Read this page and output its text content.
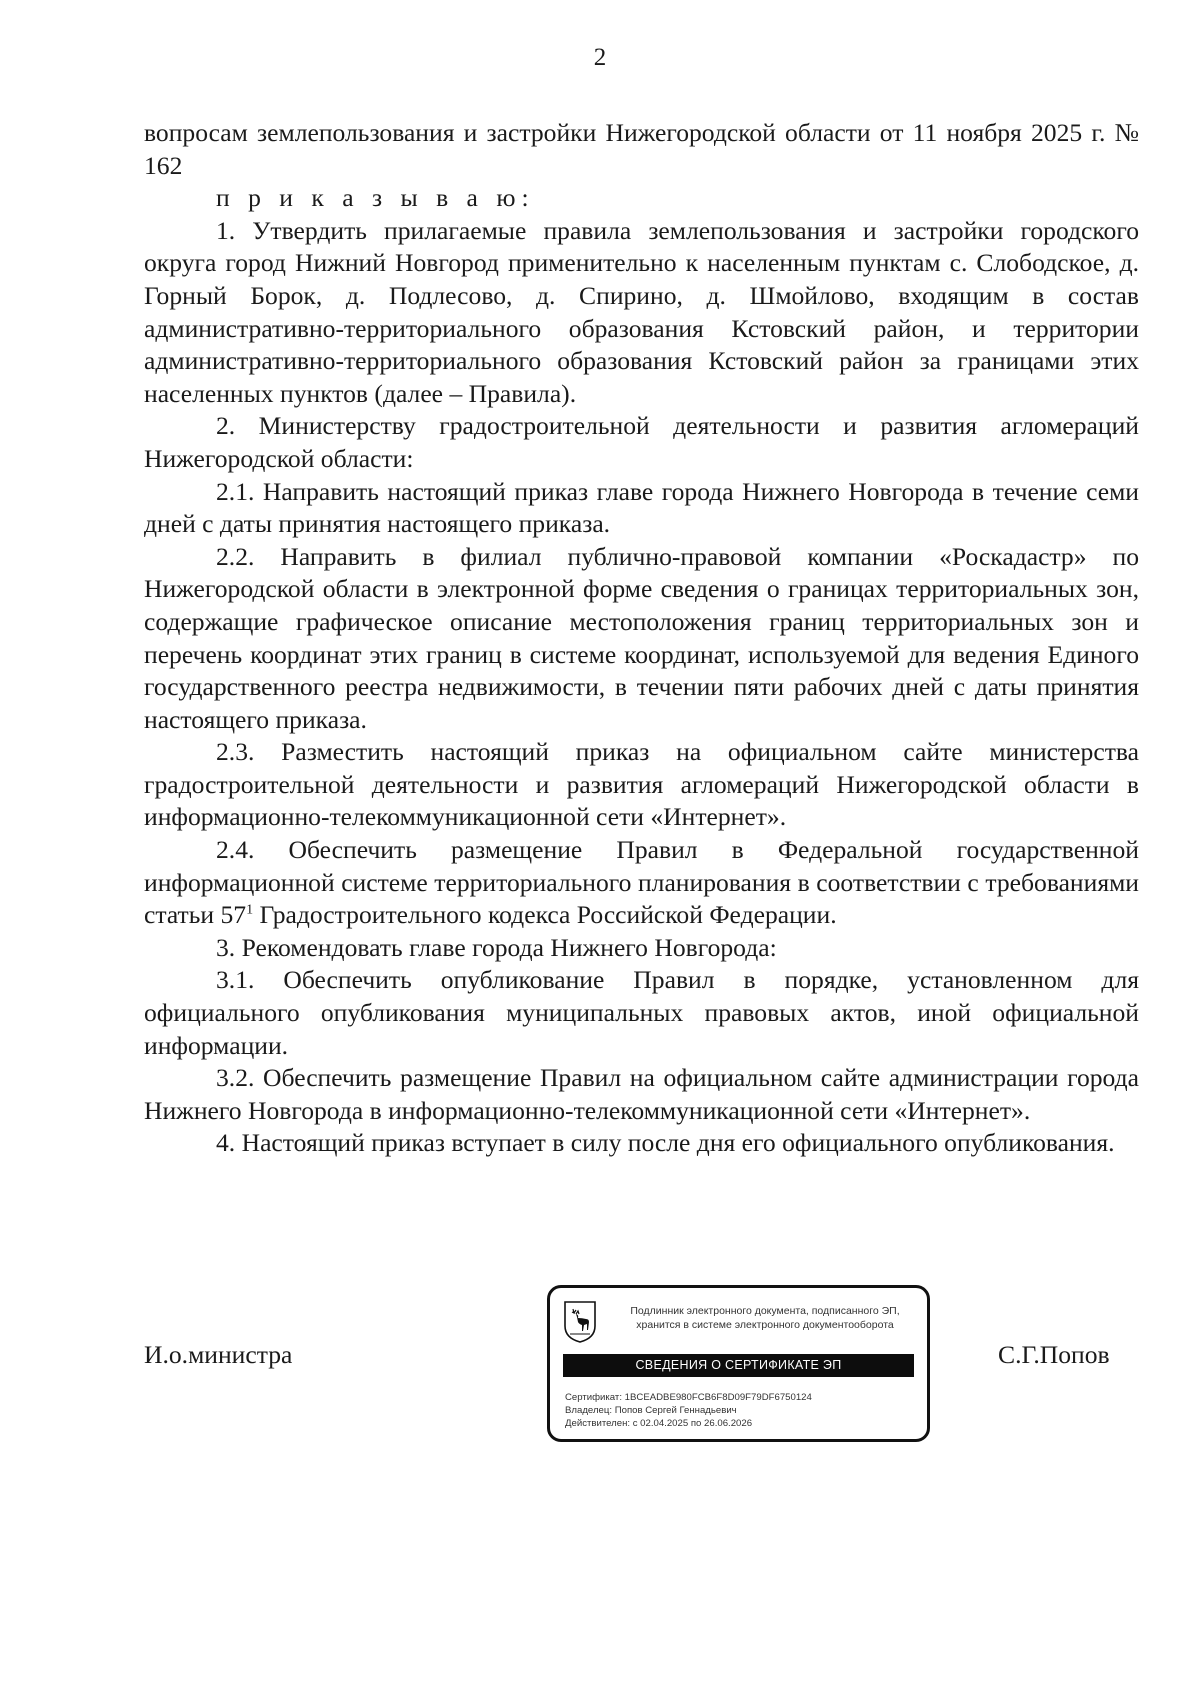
2

вопросам землепользования и застройки Нижегородской области от 11 ноября 2025 г. № 162

п р и к а з ы в а ю:

1. Утвердить прилагаемые правила землепользования и застройки городского округа город Нижний Новгород применительно к населенным пунктам с. Слободское, д. Горный Борок, д. Подлесово, д. Спирино, д. Шмойлово, входящим в состав административно-территориального образования Кстовский район, и территории административно-территориального образования Кстовский район за границами этих населенных пунктов (далее – Правила).

2. Министерству градостроительной деятельности и развития агломераций Нижегородской области:

2.1. Направить настоящий приказ главе города Нижнего Новгорода в течение семи дней с даты принятия настоящего приказа.

2.2. Направить в филиал публично-правовой компании «Роскадастр» по Нижегородской области в электронной форме сведения о границах территориальных зон, содержащие графическое описание местоположения границ территориальных зон и перечень координат этих границ в системе координат, используемой для ведения Единого государственного реестра недвижимости, в течении пяти рабочих дней с даты принятия настоящего приказа.

2.3. Разместить настоящий приказ на официальном сайте министерства градостроительной деятельности и развития агломераций Нижегородской области в информационно-телекоммуникационной сети «Интернет».

2.4. Обеспечить размещение Правил в Федеральной государственной информационной системе территориального планирования в соответствии с требованиями статьи $57^1$ Градостроительного кодекса Российской Федерации.

3. Рекомендовать главе города Нижнего Новгорода:

3.1. Обеспечить опубликование Правил в порядке, установленном для официального опубликования муниципальных правовых актов, иной официальной информации.

3.2. Обеспечить размещение Правил на официальном сайте администрации города Нижнего Новгорода в информационно-телекоммуникационной сети «Интернет».

4. Настоящий приказ вступает в силу после дня его официального опубликования.

И.о.министра	С.Г.Попов
Подлинник электронного документа, подписанного ЭП,
хранится в системе электронного документооборота
СВЕДЕНИЯ О СЕРТИФИКАТЕ ЭП
Сертификат: 1BCEADBE980FCB6F8D09F79DF6750124
Владелец: Попов Сергей Геннадьевич
Действителен: с 02.04.2025 по 26.06.2026
